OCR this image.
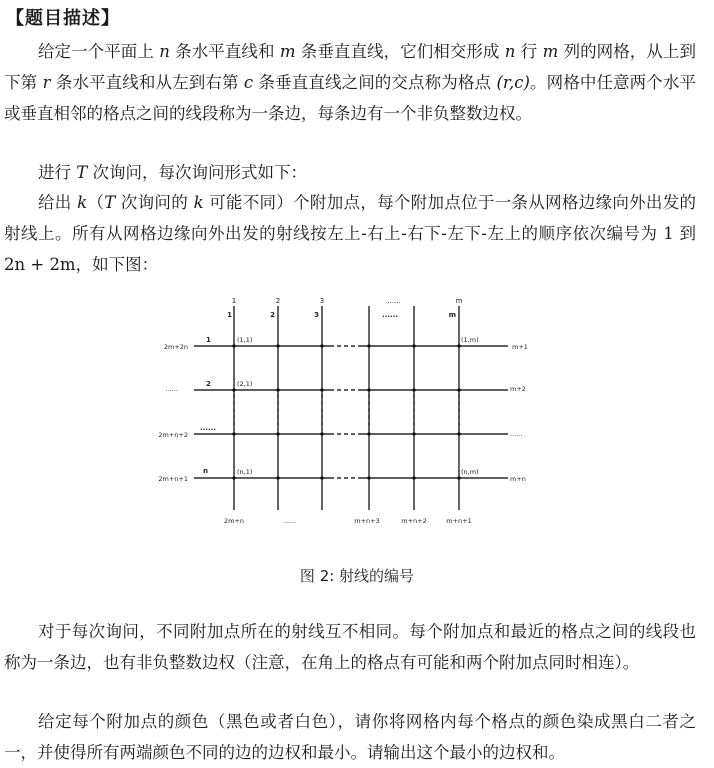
【题目描述】

给定一个平面上 n 条水平直线和 m 条垂直直线，它们相交形成 n 行 m 列的网格，从上到下第 r 条水平直线和从左到右第 c 条垂直直线之间的交点称为格点 (r,c)。网格中任意两个水平或垂直相邻的格点之间的线段称为一条边，每条边有一个非负整数边权。

进行 T 次询问，每次询问形式如下：

给出 k（T 次询问的 k 可能不同）个附加点，每个附加点位于一条从网格边缘向外出发的射线上。所有从网格边缘向外出发的射线按左上-右上-右下-左下-左上的顺序依次编号为 1 到 2n + 2m，如下图：

1	2	3	......	m
1	2	3	......	m
1
2
......
n
2m+2n
......
2m+n+2
2m+n+1
m+1
m+2
......
m+n
2m+n	......	m+n+3	m+n+2	m+n+1
(1,1)	(1,m)
(2,1)
(n,1)	(n,m)
图 2: 射线的编号

对于每次询问，不同附加点所在的射线互不相同。每个附加点和最近的格点之间的线段也称为一条边，也有非负整数边权（注意，在角上的格点有可能和两个附加点同时相连）。

给定每个附加点的颜色（黑色或者白色），请你将网格内每个格点的颜色染成黑白二者之一，并使得所有两端颜色不同的边的边权和最小。请输出这个最小的边权和。
